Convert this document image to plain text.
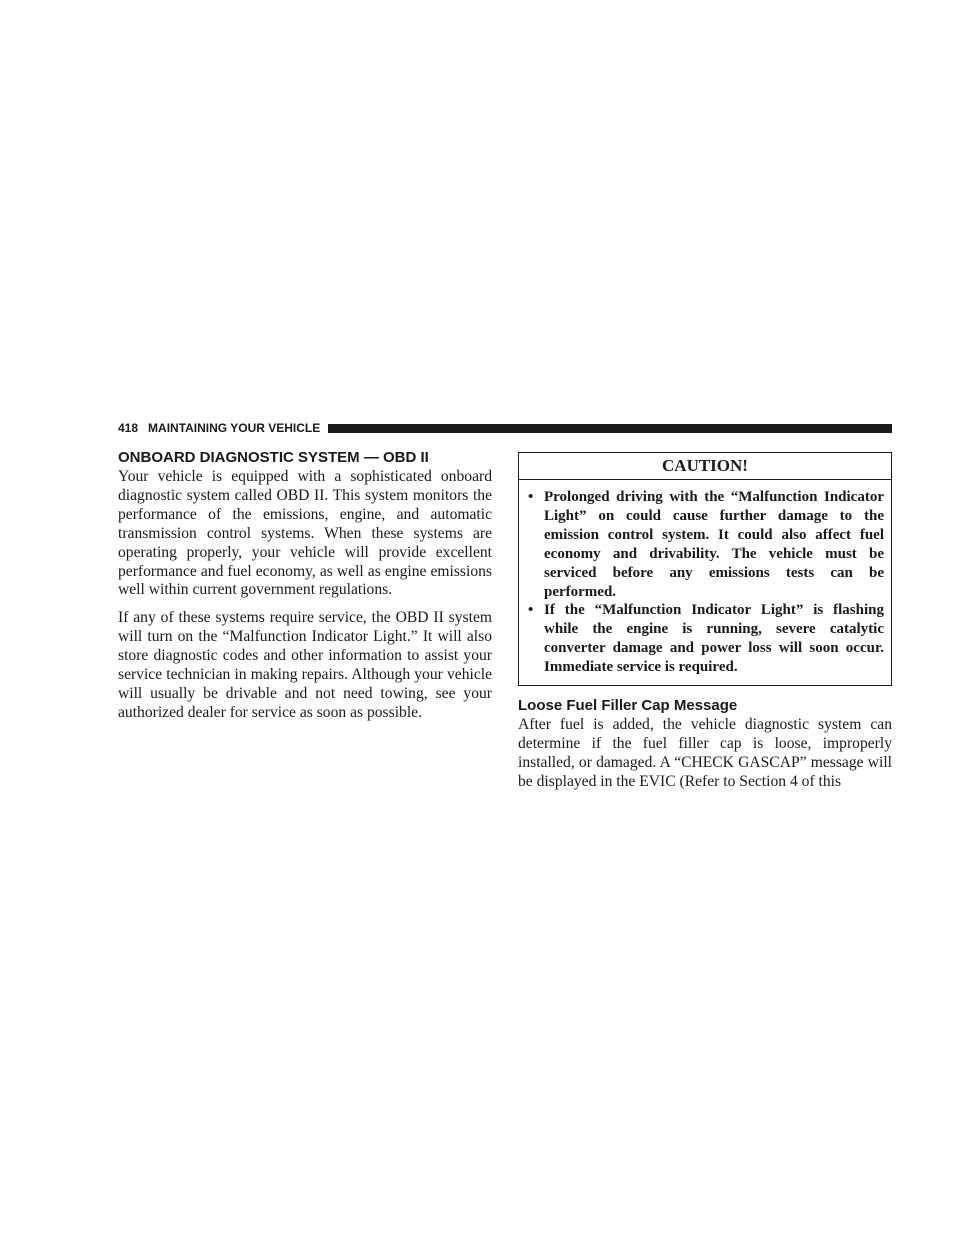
418 MAINTAINING YOUR VEHICLE
ONBOARD DIAGNOSTIC SYSTEM — OBD II

Your vehicle is equipped with a sophisticated onboard diagnostic system called OBD II. This system monitors the performance of the emissions, engine, and automatic transmission control systems. When these systems are operating properly, your vehicle will provide excellent performance and fuel economy, as well as engine emissions well within current government regulations.

If any of these systems require service, the OBD II system will turn on the “Malfunction Indicator Light.” It will also store diagnostic codes and other information to assist your service technician in making repairs. Although your vehicle will usually be drivable and not need towing, see your authorized dealer for service as soon as possible.

CAUTION!
• Prolonged driving with the “Malfunction Indicator Light” on could cause further damage to the emission control system. It could also affect fuel economy and drivability. The vehicle must be serviced before any emissions tests can be performed.
• If the “Malfunction Indicator Light” is flashing while the engine is running, severe catalytic converter damage and power loss will soon occur. Immediate service is required.
Loose Fuel Filler Cap Message

After fuel is added, the vehicle diagnostic system can determine if the fuel filler cap is loose, improperly installed, or damaged. A “CHECK GASCAP” message will be displayed in the EVIC (Refer to Section 4 of this
